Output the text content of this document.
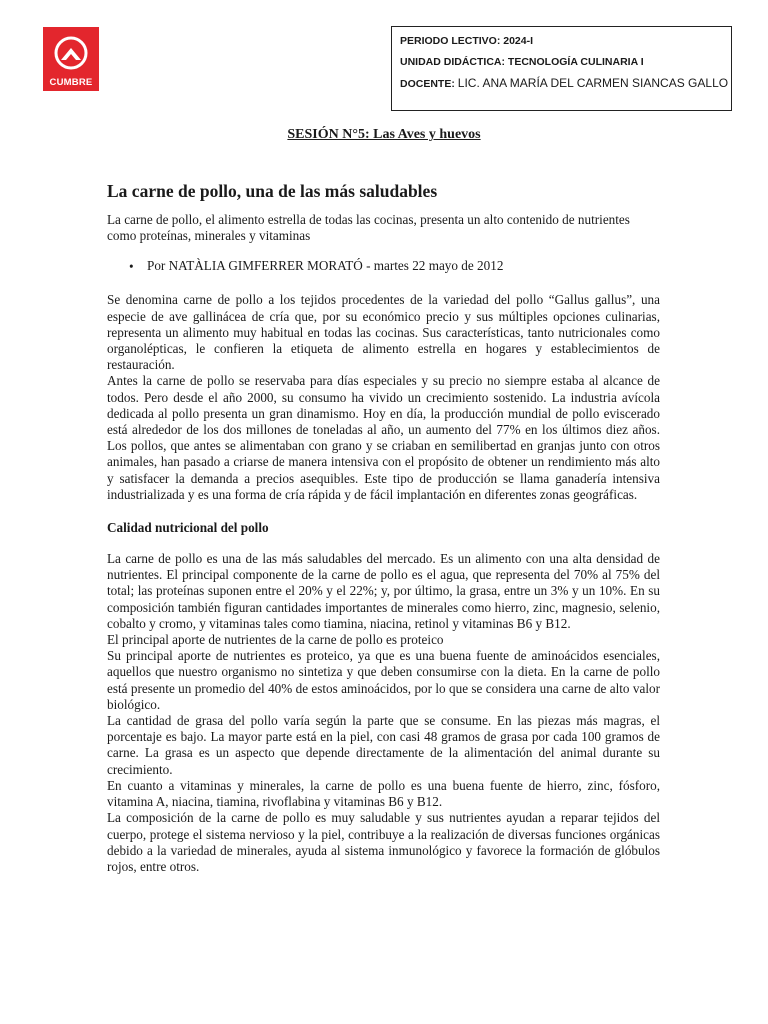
CUMBRE
PERIODO LECTIVO: 2024-I
UNIDAD DIDÁCTICA: TECNOLOGÍA CULINARIA I
DOCENTE: LIC. ANA MARÍA DEL CARMEN SIANCAS GALLO
SESIÓN N°5: Las Aves y huevos
La carne de pollo, una de las más saludables

La carne de pollo, el alimento estrella de todas las cocinas, presenta un alto contenido de nutrientes como proteínas, minerales y vitaminas

• Por NATÀLIA GIMFERRER MORATÓ - martes 22 mayo de 2012

Se denomina carne de pollo a los tejidos procedentes de la variedad del pollo “Gallus gallus”, una especie de ave gallinácea de cría que, por su económico precio y sus múltiples opciones culinarias, representa un alimento muy habitual en todas las cocinas. Sus características, tanto nutricionales como organolépticas, le confieren la etiqueta de alimento estrella en hogares y establecimientos de restauración.

Antes la carne de pollo se reservaba para días especiales y su precio no siempre estaba al alcance de todos. Pero desde el año 2000, su consumo ha vivido un crecimiento sostenido. La industria avícola dedicada al pollo presenta un gran dinamismo. Hoy en día, la producción mundial de pollo eviscerado está alrededor de los dos millones de toneladas al año, un aumento del 77% en los últimos diez años. Los pollos, que antes se alimentaban con grano y se criaban en semilibertad en granjas junto con otros animales, han pasado a criarse de manera intensiva con el propósito de obtener un rendimiento más alto y satisfacer la demanda a precios asequibles. Este tipo de producción se llama ganadería intensiva industrializada y es una forma de cría rápida y de fácil implantación en diferentes zonas geográficas.

Calidad nutricional del pollo

La carne de pollo es una de las más saludables del mercado. Es un alimento con una alta densidad de nutrientes. El principal componente de la carne de pollo es el agua, que representa del 70% al 75% del total; las proteínas suponen entre el 20% y el 22%; y, por último, la grasa, entre un 3% y un 10%. En su composición también figuran cantidades importantes de minerales como hierro, zinc, magnesio, selenio, cobalto y cromo, y vitaminas tales como tiamina, niacina, retinol y vitaminas B6 y B12.

El principal aporte de nutrientes de la carne de pollo es proteico

Su principal aporte de nutrientes es proteico, ya que es una buena fuente de aminoácidos esenciales, aquellos que nuestro organismo no sintetiza y que deben consumirse con la dieta. En la carne de pollo está presente un promedio del 40% de estos aminoácidos, por lo que se considera una carne de alto valor biológico.

La cantidad de grasa del pollo varía según la parte que se consume. En las piezas más magras, el porcentaje es bajo. La mayor parte está en la piel, con casi 48 gramos de grasa por cada 100 gramos de carne. La grasa es un aspecto que depende directamente de la alimentación del animal durante su crecimiento.

En cuanto a vitaminas y minerales, la carne de pollo es una buena fuente de hierro, zinc, fósforo, vitamina A, niacina, tiamina, rivoflabina y vitaminas B6 y B12.

La composición de la carne de pollo es muy saludable y sus nutrientes ayudan a reparar tejidos del cuerpo, protege el sistema nervioso y la piel, contribuye a la realización de diversas funciones orgánicas debido a la variedad de minerales, ayuda al sistema inmunológico y favorece la formación de glóbulos rojos, entre otros.
